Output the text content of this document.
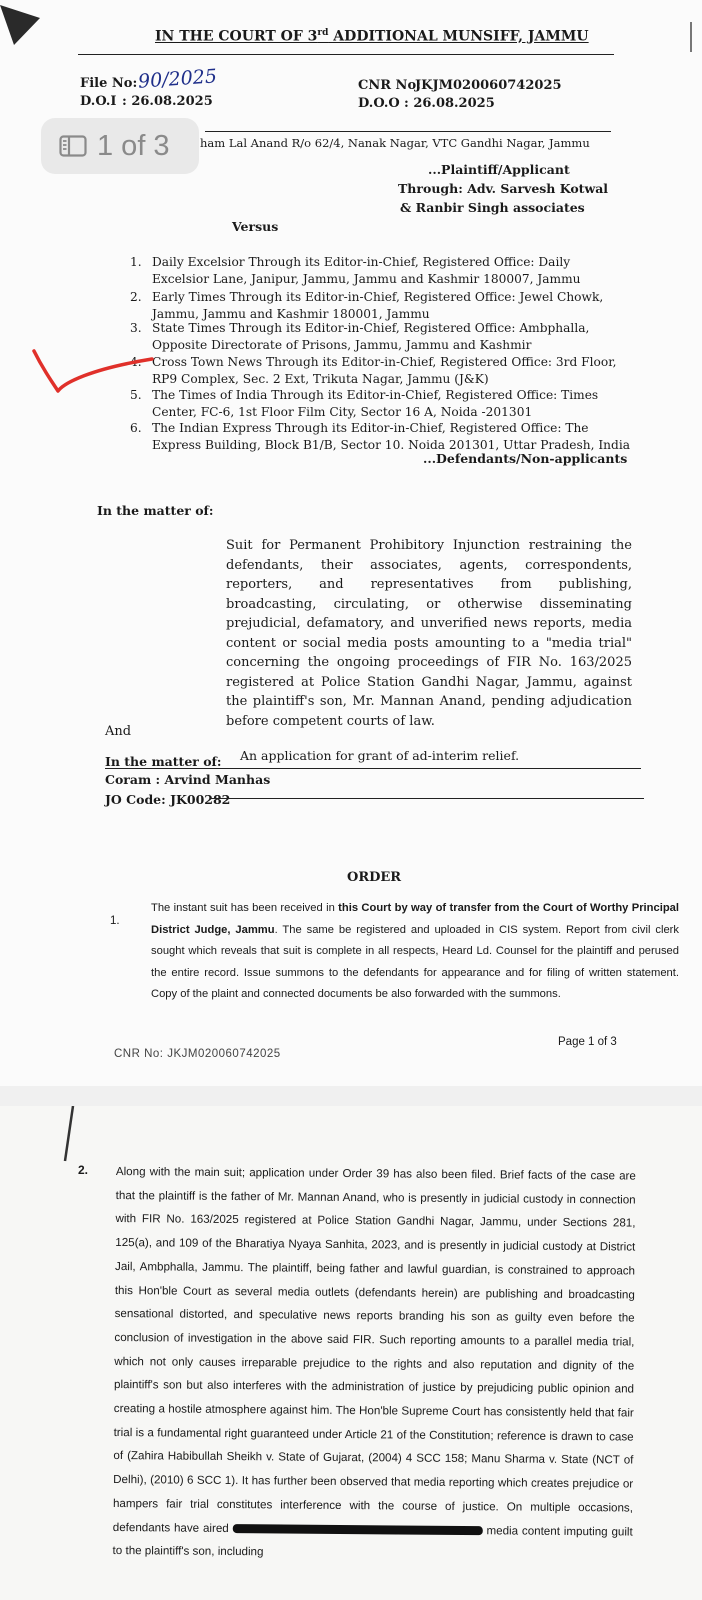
IN THE COURT OF 3rd ADDITIONAL MUNSIFF, JAMMU
File No: 90/2025
D.O.I : 26.08.2025
CNR No:
JKJM020060742025
D.O.O : 26.08.2025
1 of 3	ham Lal Anand R/o 62/4, Nanak Nagar, VTC Gandhi Nagar, Jammu
...Plaintiff/Applicant
Through: Adv. Sarvesh Kotwal
& Ranbir Singh associates
Versus
1. Daily Excelsior Through its Editor-in-Chief, Registered Office: Daily Excelsior Lane, Janipur, Jammu, Jammu and Kashmir 180007, Jammu
2. Early Times Through its Editor-in-Chief, Registered Office: Jewel Chowk, Jammu, Jammu and Kashmir 180001, Jammu
3. State Times Through its Editor-in-Chief, Registered Office: Ambphalla, Opposite Directorate of Prisons, Jammu, Jammu and Kashmir
4. Cross Town News Through its Editor-in-Chief, Registered Office: 3rd Floor, RP9 Complex, Sec. 2 Ext, Trikuta Nagar, Jammu (J&K)
5. The Times of India Through its Editor-in-Chief, Registered Office: Times Center, FC-6, 1st Floor Film City, Sector 16 A, Noida -201301
6. The Indian Express Through its Editor-in-Chief, Registered Office: The Express Building, Block B1/B, Sector 10. Noida 201301, Uttar Pradesh, India
...Defendants/Non-applicants
In the matter of:
Suit for Permanent Prohibitory Injunction restraining the defendants, their associates, agents, correspondents, reporters, and representatives from publishing, broadcasting, circulating, or otherwise disseminating prejudicial, defamatory, and unverified news reports, media content or social media posts amounting to a "media trial" concerning the ongoing proceedings of FIR No. 163/2025 registered at Police Station Gandhi Nagar, Jammu, against the plaintiff's son, Mr. Mannan Anand, pending adjudication before competent courts of law.
And
In the matter of: An application for grant of ad-interim relief.
Coram : Arvind Manhas
JO Code: JK00282
ORDER
1.
The instant suit has been received in this Court by way of transfer from the Court of Worthy Principal District Judge, Jammu. The same be registered and uploaded in CIS system. Report from civil clerk sought which reveals that suit is complete in all respects, Heard Ld. Counsel for the plaintiff and perused the entire record. Issue summons to the defendants for appearance and for filing of written statement. Copy of the plaint and connected documents be also forwarded with the summons.
Page 1 of 3
CNR No: JKJM020060742025
2. Along with the main suit; application under Order 39 has also been filed. Brief facts of the case are that the plaintiff is the father of Mr. Mannan Anand, who is presently in judicial custody in connection with FIR No. 163/2025 registered at Police Station Gandhi Nagar, Jammu, under Sections 281, 125(a), and 109 of the Bharatiya Nyaya Sanhita, 2023, and is presently in judicial custody at District Jail, Ambphalla, Jammu. The plaintiff, being father and lawful guardian, is constrained to approach this Hon'ble Court as several media outlets (defendants herein) are publishing and broadcasting sensational distorted, and speculative news reports branding his son as guilty even before the conclusion of investigation in the above said FIR. Such reporting amounts to a parallel media trial, which not only causes irreparable prejudice to the rights and also reputation and dignity of the plaintiff's son but also interferes with the administration of justice by prejudicing public opinion and creating a hostile atmosphere against him. The Hon'ble Supreme Court has consistently held that fair trial is a fundamental right guaranteed under Article 21 of the Constitution; reference is drawn to case of (Zahira Habibullah Sheikh v. State of Gujarat, (2004) 4 SCC 158; Manu Sharma v. State (NCT of Delhi), (2010) 6 SCC 1). It has further been observed that media reporting which creates prejudice or hampers fair trial constitutes interference with the course of justice. On multiple occasions, defendants have aired	media content imputing guilt to the plaintiff's son, including
